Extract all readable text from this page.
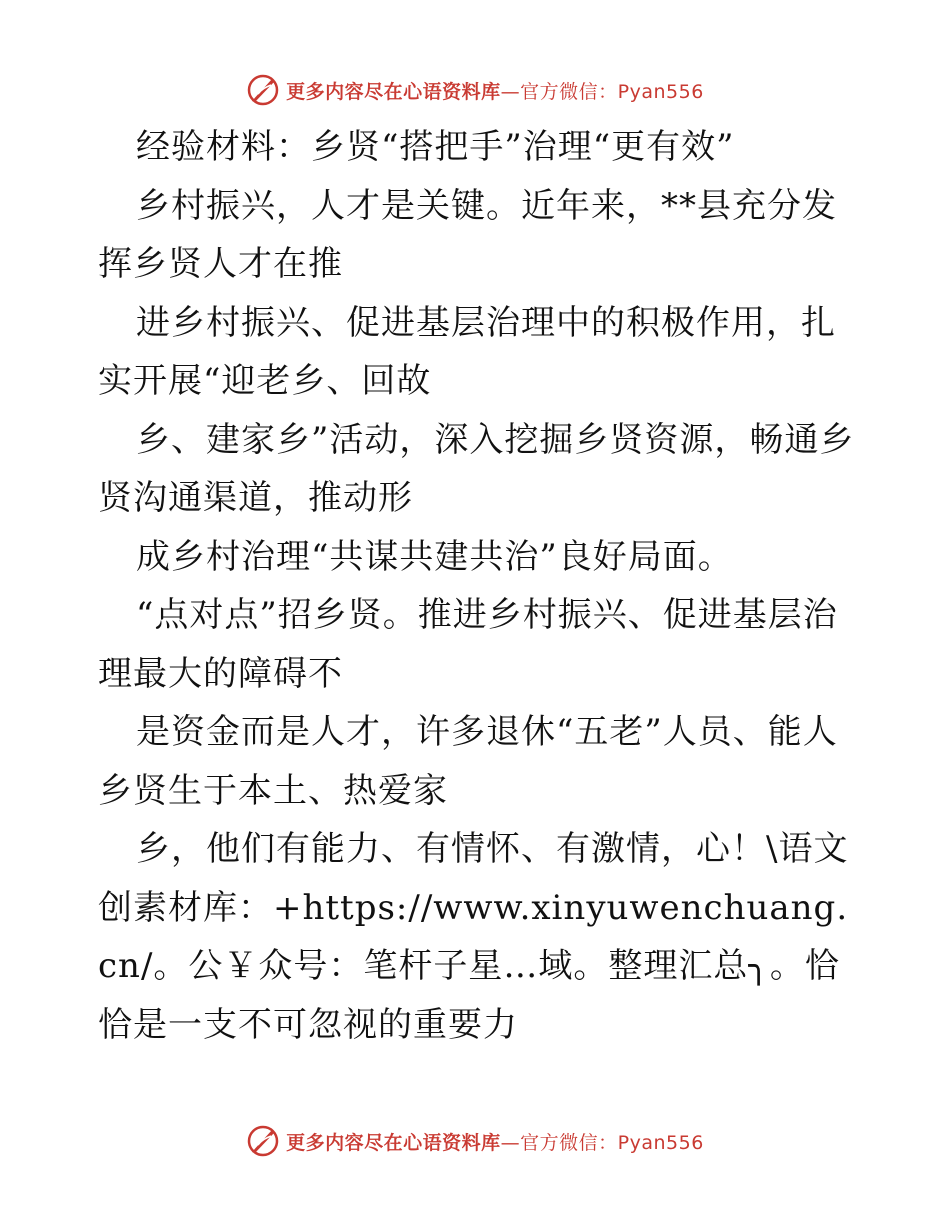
更多内容尽在心语资料库—官方微信：Pyan556

经验材料：乡贤“搭把手”治理“更有效”

乡村振兴，人才是关键。近年来，**县充分发挥乡贤人才在推

进乡村振兴、促进基层治理中的积极作用，扎实开展“迎老乡、回故

乡、建家乡”活动，深入挖掘乡贤资源，畅通乡贤沟通渠道，推动形

成乡村治理“共谋共建共治”良好局面。

“点对点”招乡贤。推进乡村振兴、促进基层治理最大的障碍不

是资金而是人才，许多退休“五老”人员、能人乡贤生于本土、热爱家

乡，他们有能力、有情怀、有激情，心！\语文创素材库：+https://www.xinyuwenchuang.cn/。公￥众号：笔杆子星…域。整理汇总╮。恰恰是一支不可忽视的重要力

更多内容尽在心语资料库—官方微信：Pyan556
